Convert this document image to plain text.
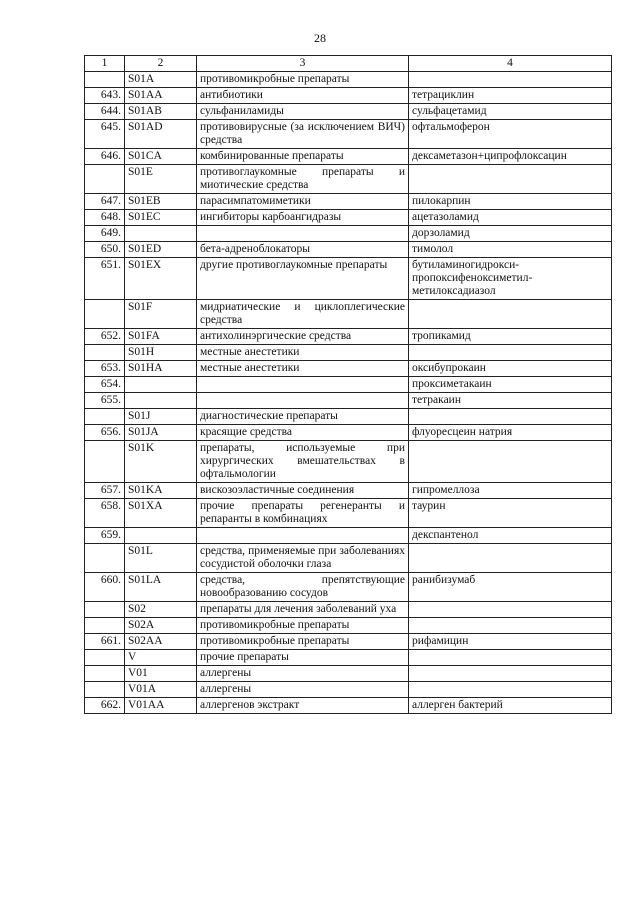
28
1	2	3	4
	S01A	противомикробные препараты	
643.	S01AA	антибиотики	тетрациклин
644.	S01AB	сульфаниламиды	сульфацетамид
645.	S01AD	противовирусные (за исключением ВИЧ) средства	офтальмоферон
646.	S01CA	комбинированные препараты	дексаметазон+ципрофлоксацин
	S01E	противоглаукомные препараты и миотические средства	
647.	S01EB	парасимпатомиметики	пилокарпин
648.	S01EC	ингибиторы карбоангидразы	ацетазоламид
649.			дорзоламид
650.	S01ED	бета-адреноблокаторы	тимолол
651.	S01EX	другие противоглаукомные препараты	бутиламиногидрокси-пропоксифеноксиметил-метилоксадиазол
	S01F	мидриатические и циклоплегические средства	
652.	S01FA	антихолинэргические средства	тропикамид
	S01H	местные анестетики	
653.	S01HA	местные анестетики	оксибупрокаин
654.			проксиметакаин
655.			тетракаин
	S01J	диагностические препараты	
656.	S01JA	красящие средства	флуоресцеин натрия
	S01K	препараты, используемые при хирургических вмешательствах в офтальмологии	
657.	S01KA	вискозоэластичные соединения	гипромеллоза
658.	S01XA	прочие препараты регенеранты и репаранты в комбинациях	таурин
659.			декспантенол
	S01L	средства, применяемые при заболеваниях сосудистой оболочки глаза	
660.	S01LA	средства, препятствующие новообразованию сосудов	ранибизумаб
	S02	препараты для лечения заболеваний уха	
	S02A	противомикробные препараты	
661.	S02AA	противомикробные препараты	рифамицин
	V	прочие препараты	
	V01	аллергены	
	V01A	аллергены	
662.	V01AA	аллергенов экстракт	аллерген бактерий
